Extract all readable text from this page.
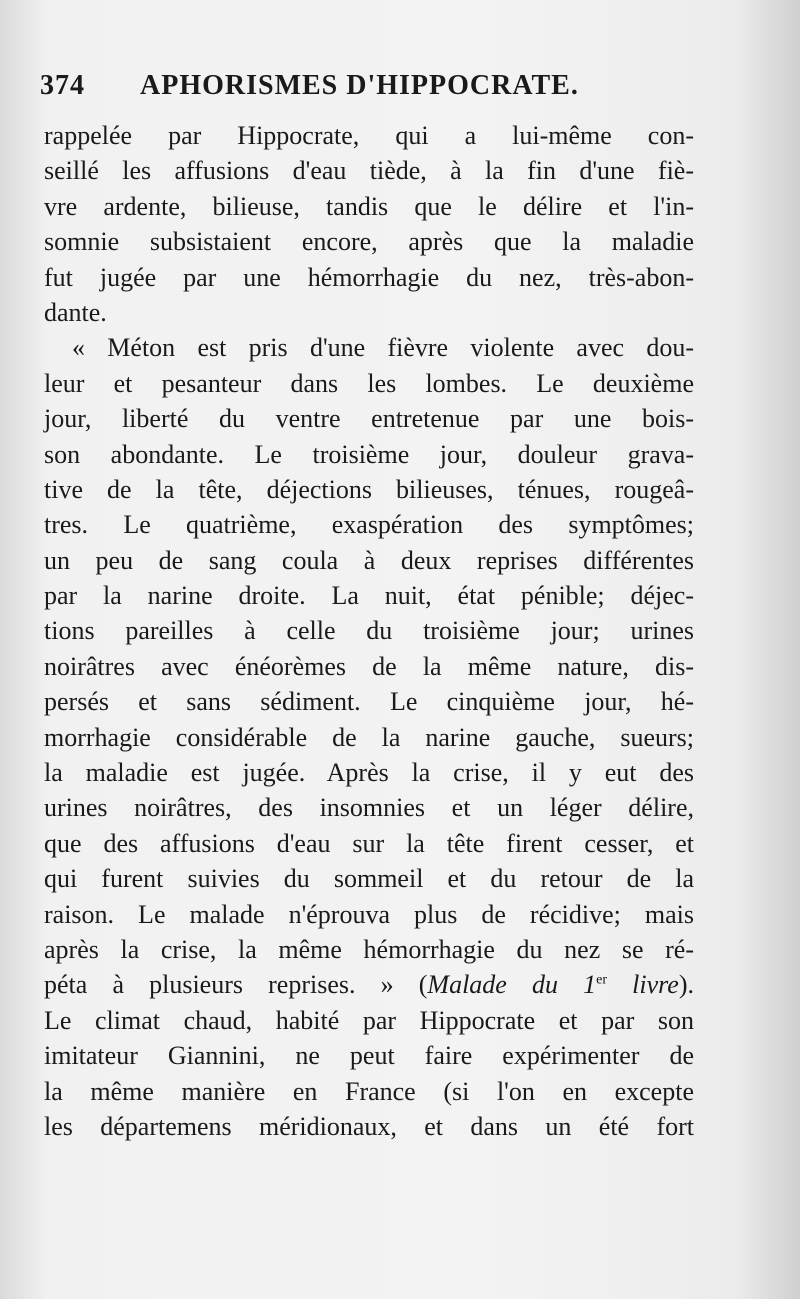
374 APHORISMES D'HIPPOCRATE.
rappelée par Hippocrate, qui a lui-même con-
seillé les affusions d'eau tiède, à la fin d'une fiè-
vre ardente, bilieuse, tandis que le délire et l'in-
somnie subsistaient encore, après que la maladie
fut jugée par une hémorrhagie du nez, très-abon-
dante.
« Méton est pris d'une fièvre violente avec dou-
leur et pesanteur dans les lombes. Le deuxième
jour, liberté du ventre entretenue par une bois-
son abondante. Le troisième jour, douleur grava-
tive de la tête, déjections bilieuses, ténues, rougeâ-
tres. Le quatrième, exaspération des symptômes;
un peu de sang coula à deux reprises différentes
par la narine droite. La nuit, état pénible; déjec-
tions pareilles à celle du troisième jour; urines
noirâtres avec énéorèmes de la même nature, dis-
persés et sans sédiment. Le cinquième jour, hé-
morrhagie considérable de la narine gauche, sueurs;
la maladie est jugée. Après la crise, il y eut des
urines noirâtres, des insomnies et un léger délire,
que des affusions d'eau sur la tête firent cesser, et
qui furent suivies du sommeil et du retour de la
raison. Le malade n'éprouva plus de récidive; mais
après la crise, la même hémorrhagie du nez se ré-
péta à plusieurs reprises. » (Malade du 1er livre).
Le climat chaud, habité par Hippocrate et par son
imitateur Giannini, ne peut faire expérimenter de
la même manière en France (si l'on en excepte
les départemens méridionaux, et dans un été fort
